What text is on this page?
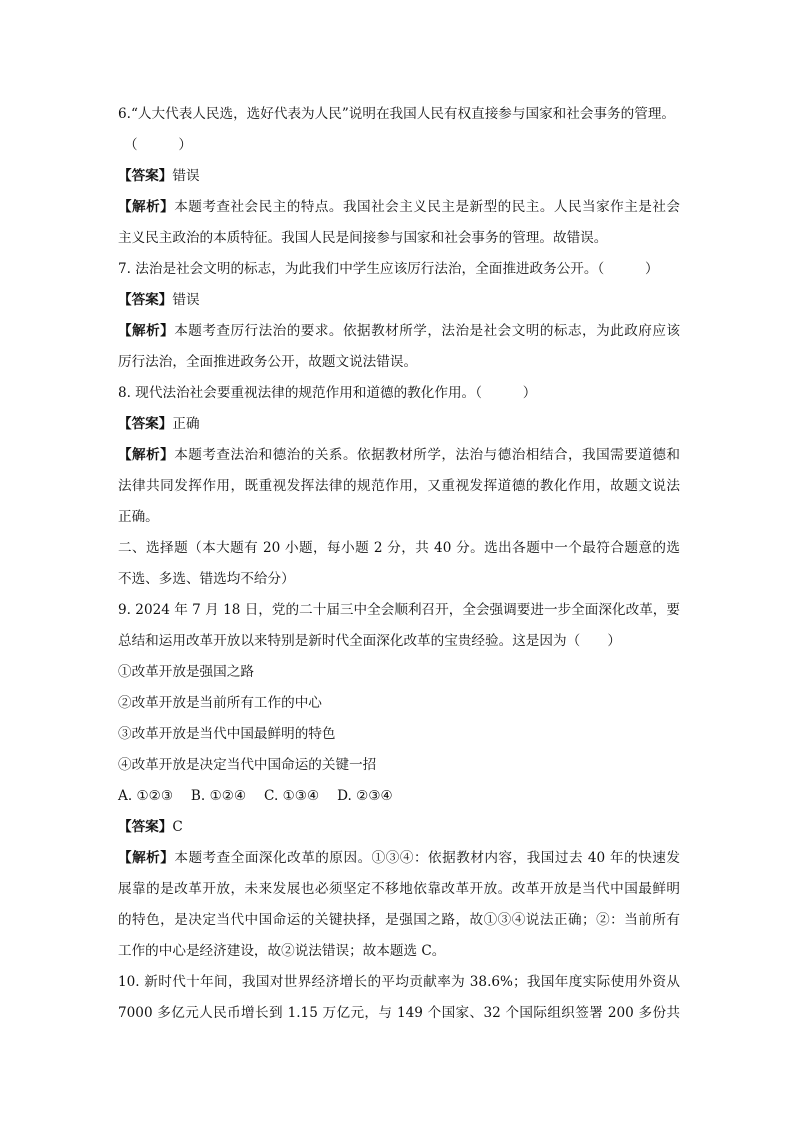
6.“人大代表人民选，选好代表为人民”说明在我国人民有权直接参与国家和社会事务的管理。
（　　　）
【答案】错误
【解析】本题考查社会民主的特点。我国社会主义民主是新型的民主。人民当家作主是社会
主义民主政治的本质特征。我国人民是间接参与国家和社会事务的管理。故错误。
7. 法治是社会文明的标志，为此我们中学生应该厉行法治，全面推进政务公开。（　　　）
【答案】错误
【解析】本题考查厉行法治的要求。依据教材所学，法治是社会文明的标志，为此政府应该
厉行法治，全面推进政务公开，故题文说法错误。
8. 现代法治社会要重视法律的规范作用和道德的教化作用。（　　　）
【答案】正确
【解析】本题考查法治和德治的关系。依据教材所学，法治与德治相结合，我国需要道德和
法律共同发挥作用，既重视发挥法律的规范作用，又重视发挥道德的教化作用，故题文说法
正确。
二、选择题（本大题有 20 小题，每小题 2 分，共 40 分。选出各题中一个最符合题意的选
不选、多选、错选均不给分）
9. 2024 年 7 月 18 日，党的二十届三中全会顺利召开，全会强调要进一步全面深化改革，要
总结和运用改革开放以来特别是新时代全面深化改革的宝贵经验。这是因为（　　）
①改革开放是强国之路
②改革开放是当前所有工作的中心
③改革开放是当代中国最鲜明的特色
④改革开放是决定当代中国命运的关键一招
A. ①②③　 B. ①②④　 C. ①③④　 D. ②③④
【答案】C
【解析】本题考查全面深化改革的原因。①③④：依据教材内容，我国过去 40 年的快速发
展靠的是改革开放，未来发展也必须坚定不移地依靠改革开放。改革开放是当代中国最鲜明
的特色，是决定当代中国命运的关键抉择，是强国之路，故①③④说法正确；②：当前所有
工作的中心是经济建设，故②说法错误；故本题选 C。
10. 新时代十年间，我国对世界经济增长的平均贡献率为 38.6%；我国年度实际使用外资从
7000 多亿元人民币增长到 1.15 万亿元，与 149 个国家、32 个国际组织签署 200 多份共
